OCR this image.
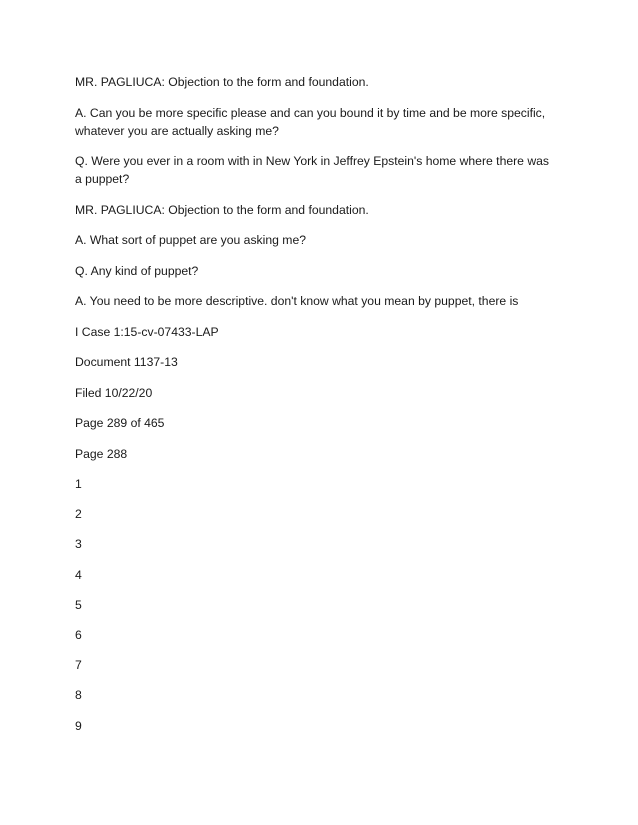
MR. PAGLIUCA: Objection to the form and foundation.

A. Can you be more specific please and can you bound it by time and be more specific, whatever you are actually asking me?

Q. Were you ever in a room with in New York in Jeffrey Epstein's home where there was a puppet?

MR. PAGLIUCA: Objection to the form and foundation.

A. What sort of puppet are you asking me?

Q. Any kind of puppet?

A. You need to be more descriptive. don't know what you mean by puppet, there is

I Case 1:15-cv-07433-LAP

Document 1137-13

Filed 10/22/20

Page 289 of 465

Page 288

1
2
3
4
5
6
7
8
9
